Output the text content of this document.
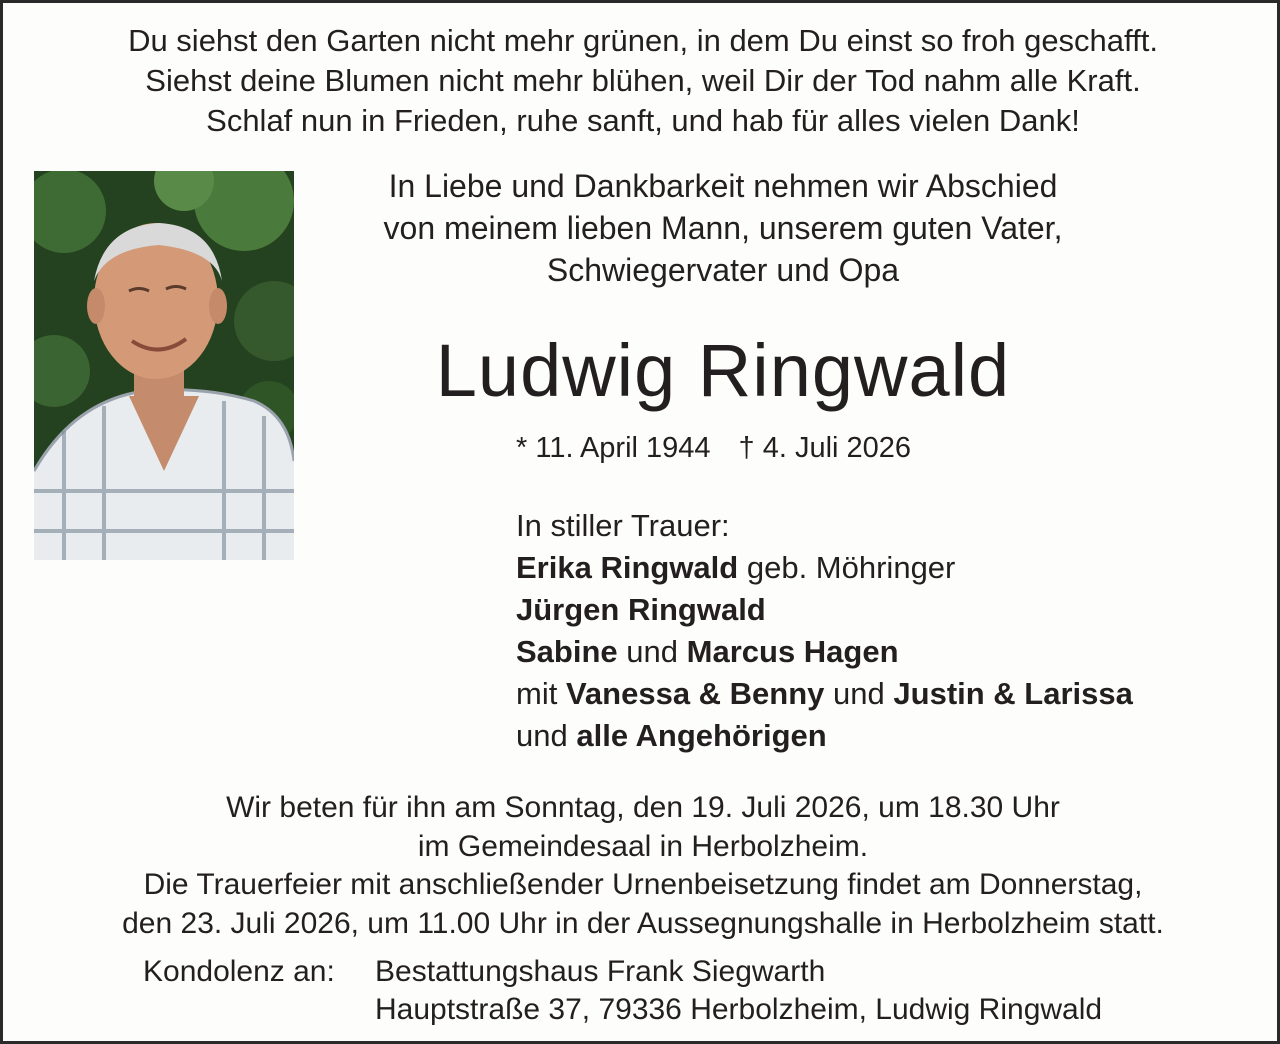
Du siehst den Garten nicht mehr grünen, in dem Du einst so froh geschafft.
Siehst deine Blumen nicht mehr blühen, weil Dir der Tod nahm alle Kraft.
Schlaf nun in Frieden, ruhe sanft, und hab für alles vielen Dank!
In Liebe und Dankbarkeit nehmen wir Abschied
von meinem lieben Mann, unserem guten Vater,
Schwiegervater und Opa
Ludwig Ringwald
* 11. April 1944 † 4. Juli 2026
In stiller Trauer:
Erika Ringwald geb. Möhringer
Jürgen Ringwald
Sabine und Marcus Hagen
mit Vanessa & Benny und Justin & Larissa
und alle Angehörigen
Wir beten für ihn am Sonntag, den 19. Juli 2026, um 18.30 Uhr
im Gemeindesaal in Herbolzheim.
Die Trauerfeier mit anschließender Urnenbeisetzung findet am Donnerstag,
den 23. Juli 2026, um 11.00 Uhr in der Aussegnungshalle in Herbolzheim statt.
Kondolenz an: Bestattungshaus Frank Siegwarth
Hauptstraße 37, 79336 Herbolzheim, Ludwig Ringwald
